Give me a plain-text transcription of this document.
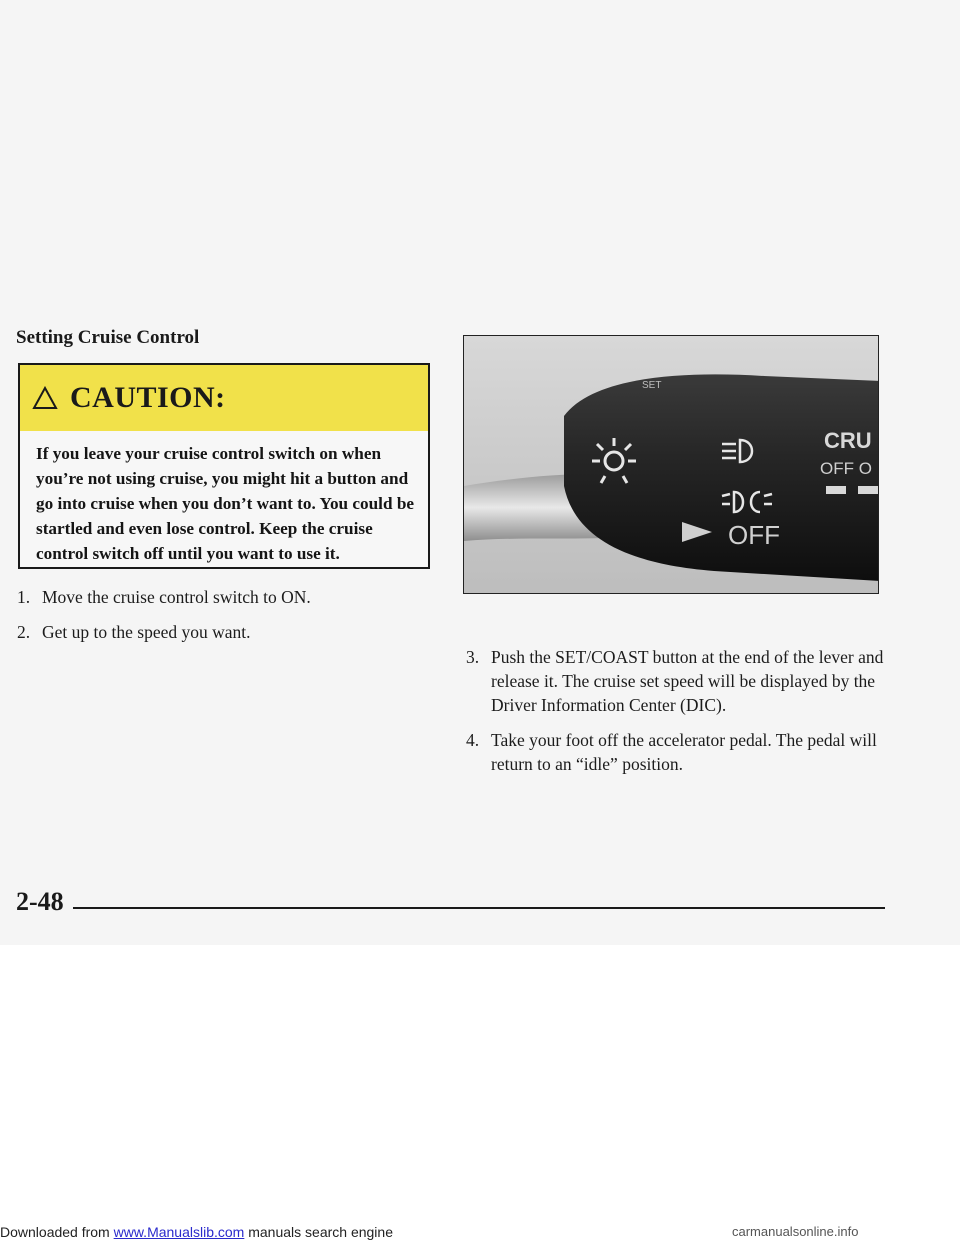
Setting Cruise Control
CAUTION:

If you leave your cruise control switch on when you’re not using cruise, you might hit a button and go into cruise when you don’t want to. You could be startled and even lose control. Keep the cruise control switch off until you want to use it.

1. Move the cruise control switch to ON.
2. Get up to the speed you want.
OFF
CRU
OFF O
SET
3. Push the SET/COAST button at the end of the lever and release it. The cruise set speed will be displayed by the Driver Information Center (DIC).
4. Take your foot off the accelerator pedal. The pedal will return to an “idle” position.

2-48

Downloaded from www.Manualslib.com manuals search engine	carmanualsonline.info
